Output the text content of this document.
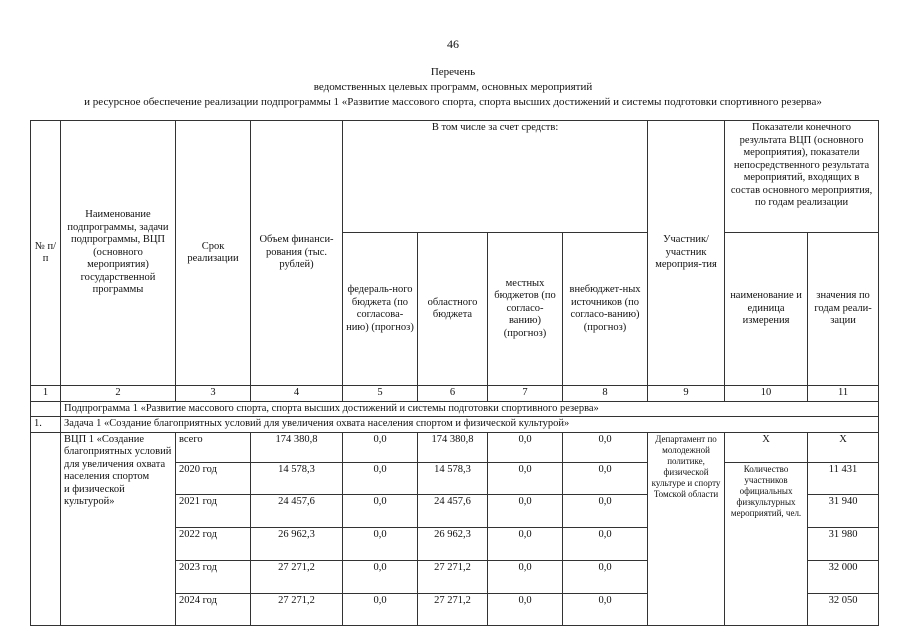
46
Перечень
ведомственных целевых программ, основных мероприятий
и ресурсное обеспечение реализации подпрограммы 1 «Развитие массового спорта, спорта высших достижений и системы подготовки спортивного резерва»
№ п/п	Наименование подпрограммы, задачи подпрограммы, ВЦП (основного мероприятия) государственной программы	Срок реализации	Объем финанси-рования (тыс. рублей)	В том числе за счет средств:				Участник/ участник мероприя-тия	Показатели конечного результата ВЦП (основного мероприятия), показатели непосредственного результата мероприятий, входящих в состав основного мероприятия, по годам реализации	
				федераль-ного бюджета (по согласова-нию) (прогноз)	областного бюджета	местных бюджетов (по согласо-ванию) (прогноз)	внебюджет-ных источников (по согласо-ванию) (прогноз)		наименование и единица измерения	значения по годам реали-зации
1	2	3	4	5	6	7	8	9	10	11
	Подпрограмма 1 «Развитие массового спорта, спорта высших достижений и системы подготовки спортивного резерва»									
1.	Задача 1 «Создание благоприятных условий для увеличения охвата населения спортом и физической культурой»									
	ВЦП 1 «Создание благоприятных условий
для увеличения охвата населения спортом
и физической культурой»	всего	174 380,8	0,0	174 380,8	0,0	0,0	Департамент по молодежной политике, физической культуре и спорту Томской области	X	X
		2020 год	14 578,3	0,0	14 578,3	0,0	0,0		Количество участников официальных физкультурных мероприятий, чел.	11 431
		2021 год	24 457,6	0,0	24 457,6	0,0	0,0			31 940
		2022 год	26 962,3	0,0	26 962,3	0,0	0,0			31 980
		2023 год	27 271,2	0,0	27 271,2	0,0	0,0			32 000
		2024 год	27 271,2	0,0	27 271,2	0,0	0,0			32 050
